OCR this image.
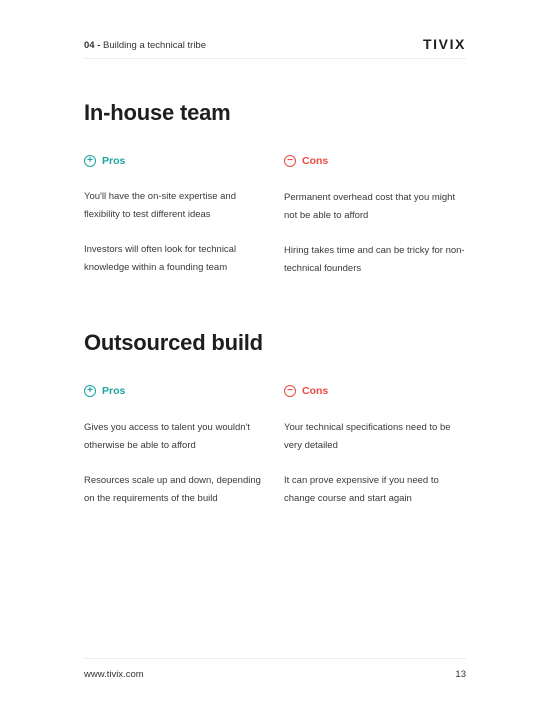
04 - Building a technical tribe	TIVIX
In-house team
+ Pros
You'll have the on-site expertise and flexibility to test different ideas
Investors will often look for technical knowledge within a founding team
− Cons
Permanent overhead cost that you might not be able to afford
Hiring takes time and can be tricky for non-technical founders
Outsourced build
+ Pros
Gives you access to talent you wouldn't otherwise be able to afford
Resources scale up and down, depending on the requirements of the build
− Cons
Your technical specifications need to be very detailed
It can prove expensive if you need to change course and start again
www.tivix.com	13
